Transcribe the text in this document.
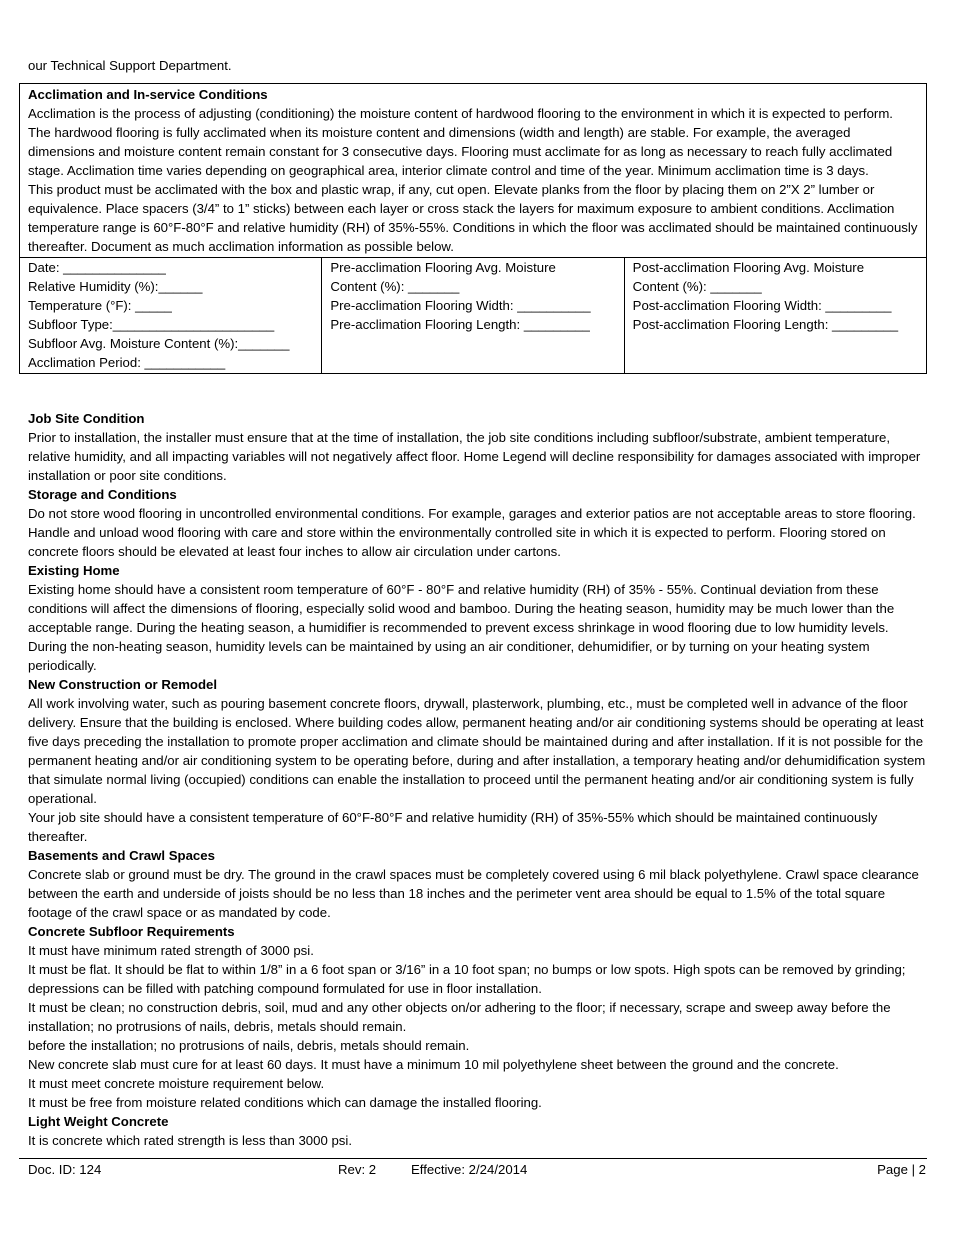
our Technical Support Department.
Acclimation and In-service Conditions
Acclimation is the process of adjusting (conditioning) the moisture content of hardwood flooring to the environment in which it is expected to perform. The hardwood flooring is fully acclimated when its moisture content and dimensions (width and length) are stable. For example, the averaged dimensions and moisture content remain constant for 3 consecutive days. Flooring must acclimate for as long as necessary to reach fully acclimated stage. Acclimation time varies depending on geographical area, interior climate control and time of the year. Minimum acclimation time is 3 days.
This product must be acclimated with the box and plastic wrap, if any, cut open. Elevate planks from the floor by placing them on 2”X 2” lumber or equivalence. Place spacers (3/4” to 1” sticks) between each layer or cross stack the layers for maximum exposure to ambient conditions. Acclimation temperature range is 60°F-80°F and relative humidity (RH) of 35%-55%. Conditions in which the floor was acclimated should be maintained continuously thereafter. Document as much acclimation information as possible below.

Date: ______________
Relative Humidity (%):______
Temperature (°F): _____
Subfloor Type:______________________
Subfloor Avg. Moisture Content (%):_______
Acclimation Period: ___________

Pre-acclimation Flooring Avg. Moisture
Content (%): _______
Pre-acclimation Flooring Width: __________
Pre-acclimation Flooring Length: _________

Post-acclimation Flooring Avg. Moisture
Content (%): _______
Post-acclimation Flooring Width: _________
Post-acclimation Flooring Length: _________
Job Site Condition
Prior to installation, the installer must ensure that at the time of installation, the job site conditions including subfloor/substrate, ambient temperature, relative humidity, and all impacting variables will not negatively affect floor. Home Legend will decline responsibility for damages associated with improper installation or poor site conditions.
Storage and Conditions
Do not store wood flooring in uncontrolled environmental conditions. For example, garages and exterior patios are not acceptable areas to store flooring. Handle and unload wood flooring with care and store within the environmentally controlled site in which it is expected to perform. Flooring stored on concrete floors should be elevated at least four inches to allow air circulation under cartons.
Existing Home
Existing home should have a consistent room temperature of 60°F - 80°F and relative humidity (RH) of 35% - 55%. Continual deviation from these conditions will affect the dimensions of flooring, especially solid wood and bamboo. During the heating season, humidity may be much lower than the acceptable range. During the heating season, a humidifier is recommended to prevent excess shrinkage in wood flooring due to low humidity levels. During the non-heating season, humidity levels can be maintained by using an air conditioner, dehumidifier, or by turning on your heating system periodically.
New Construction or Remodel
All work involving water, such as pouring basement concrete floors, drywall, plasterwork, plumbing, etc., must be completed well in advance of the floor delivery. Ensure that the building is enclosed. Where building codes allow, permanent heating and/or air conditioning systems should be operating at least five days preceding the installation to promote proper acclimation and climate should be maintained during and after installation. If it is not possible for the permanent heating and/or air conditioning system to be operating before, during and after installation, a temporary heating and/or dehumidification system that simulate normal living (occupied) conditions can enable the installation to proceed until the permanent heating and/or air conditioning system is fully operational.
Your job site should have a consistent temperature of 60°F-80°F and relative humidity (RH) of 35%-55% which should be maintained continuously thereafter.
Basements and Crawl Spaces
Concrete slab or ground must be dry. The ground in the crawl spaces must be completely covered using 6 mil black polyethylene. Crawl space clearance between the earth and underside of joists should be no less than 18 inches and the perimeter vent area should be equal to 1.5% of the total square footage of the crawl space or as mandated by code.
Concrete Subfloor Requirements
It must have minimum rated strength of 3000 psi.
It must be flat. It should be flat to within 1/8” in a 6 foot span or 3/16” in a 10 foot span; no bumps or low spots. High spots can be removed by grinding; depressions can be filled with patching compound formulated for use in floor installation.
It must be clean; no construction debris, soil, mud and any other objects on/or adhering to the floor; if necessary, scrape and sweep away before the installation; no protrusions of nails, debris, metals should remain.
before the installation; no protrusions of nails, debris, metals should remain.
New concrete slab must cure for at least 60 days. It must have a minimum 10 mil polyethylene sheet between the ground and the concrete.
It must meet concrete moisture requirement below.
It must be free from moisture related conditions which can damage the installed flooring.
Light Weight Concrete
It is concrete which rated strength is less than 3000 psi.
Doc. ID: 124	Rev: 2	Effective: 2/24/2014	Page | 2
